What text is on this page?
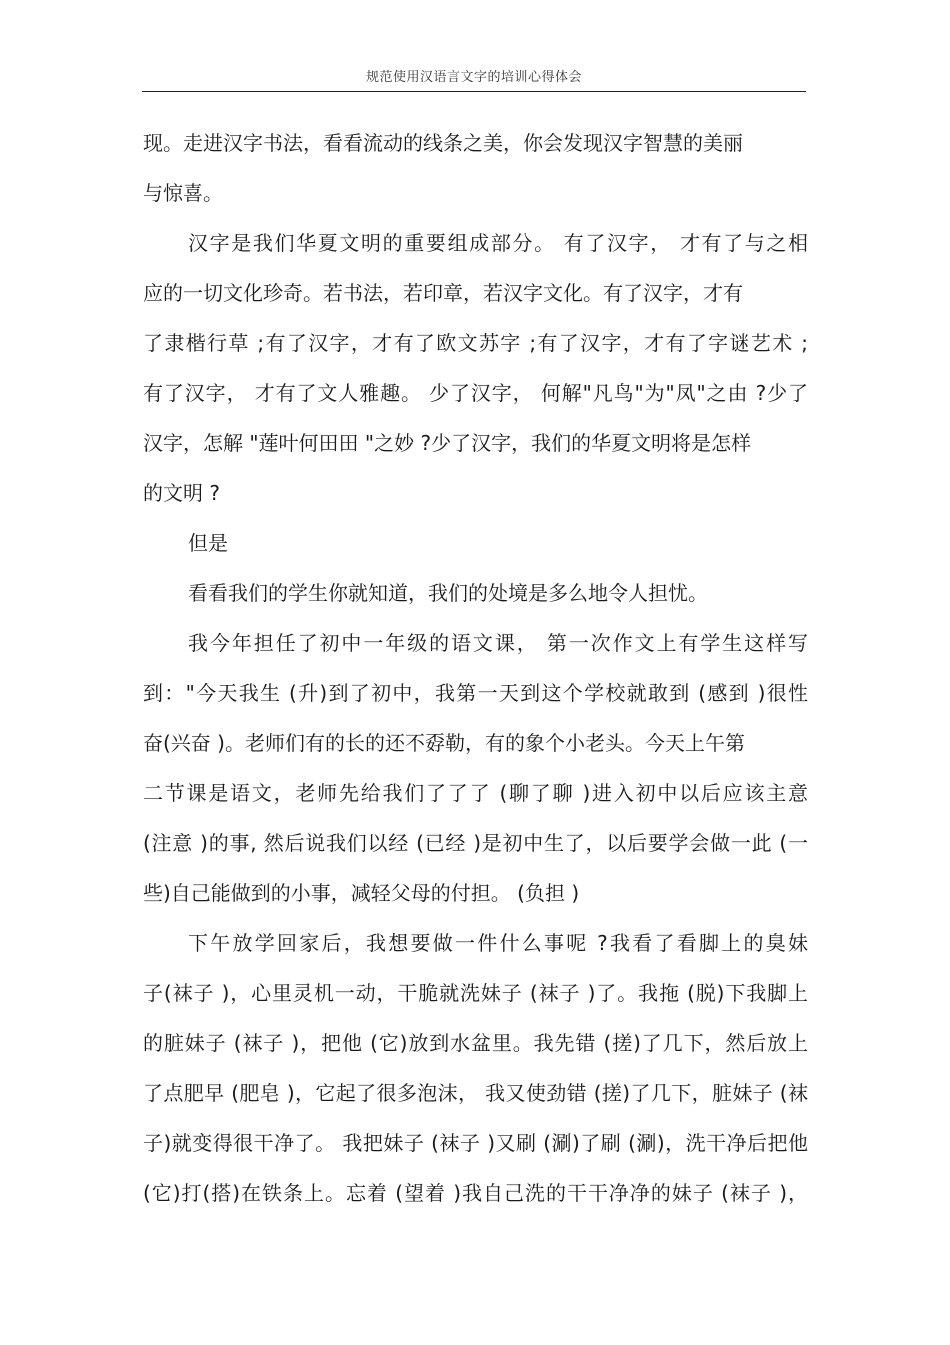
规范使用汉语言文字的培训心得体会
现。走进汉字书法，看看流动的线条之美，你会发现汉字智慧的美丽
与惊喜。
汉字是我们华夏文明的重要组成部分。 有了汉字， 才有了与之相
应的一切文化珍奇。若书法，若印章，若汉字文化。有了汉字，才有
了隶楷行草 ;有了汉字，才有了欧文苏字 ;有了汉字，才有了字谜艺术 ;
有了汉字， 才有了文人雅趣。 少了汉字， 何解"凡鸟"为"凤"之由 ?少了
汉字，怎解 "莲叶何田田 "之妙 ?少了汉字，我们的华夏文明将是怎样
的文明 ?
但是
看看我们的学生你就知道，我们的处境是多么地令人担忧。
我今年担任了初中一年级的语文课， 第一次作文上有学生这样写
到："今天我生 (升)到了初中，我第一天到这个学校就敢到 (感到 )很性
奋(兴奋 )。老师们有的长的还不孬勒，有的象个小老头。今天上午第
二节课是语文，老师先给我们了了了 (聊了聊 )进入初中以后应该主意
(注意 )的事, 然后说我们以经 (已经 )是初中生了，以后要学会做一此 (一
些)自己能做到的小事，减轻父母的付担。 (负担 )
下午放学回家后，我想要做一件什么事呢 ?我看了看脚上的臭妹
子(袜子 )，心里灵机一动，干脆就洗妹子 (袜子 )了。我拖 (脱)下我脚上
的脏妹子 (袜子 )，把他 (它)放到水盆里。我先错 (搓)了几下，然后放上
了点肥早 (肥皂 )，它起了很多泡沫， 我又使劲错 (搓)了几下，脏妹子 (袜
子)就变得很干净了。 我把妹子 (袜子 )又刷 (涮)了刷 (涮)，洗干净后把他
(它)打(搭)在铁条上。忘着 (望着 )我自己洗的干干净净的妹子 (袜子 )，
